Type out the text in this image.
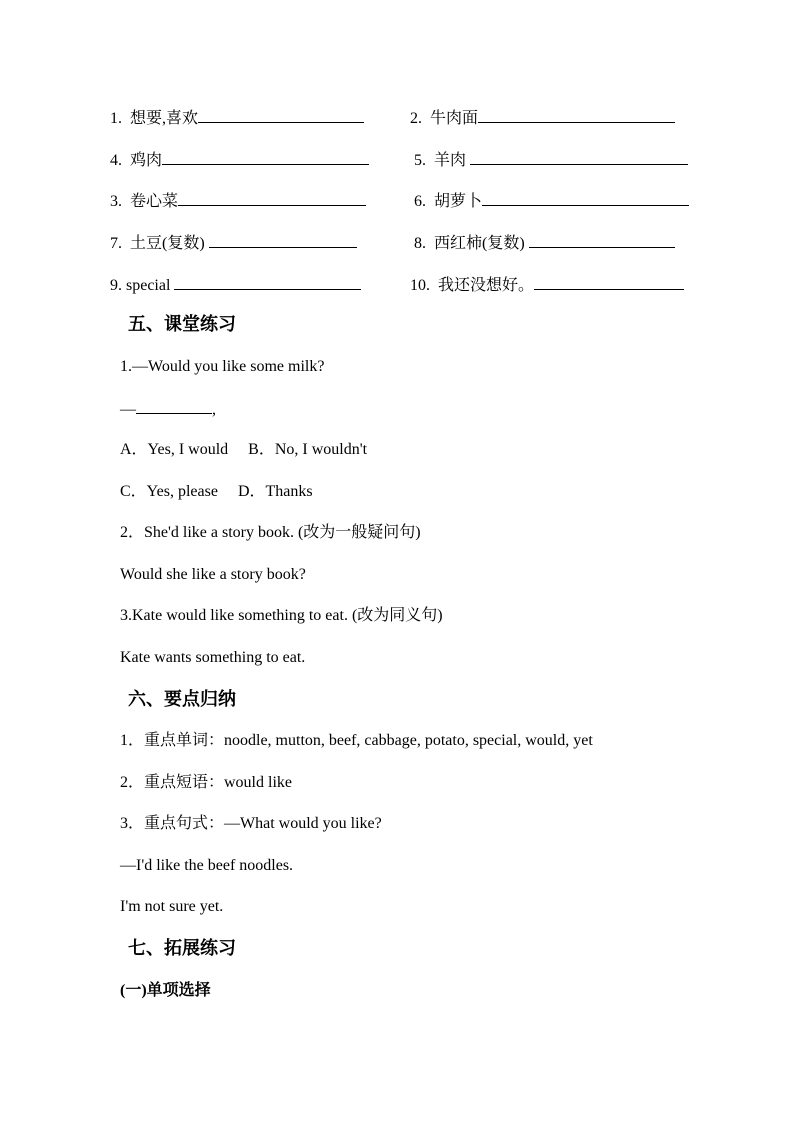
1. 想要,喜欢	2. 牛肉面
4. 鸡肉	5. 羊肉
3. 卷心菜	6. 胡萝卜
7. 土豆(复数)	8. 西红柿(复数)
9. special	10. 我还没想好。
五、课堂练习
1.—Would you like some milk?
—	,
A．Yes, I would B．No, I wouldn't
C．Yes, please D．Thanks
2．She'd like a story book. (改为一般疑问句)
Would she like a story book?
3.Kate would like something to eat. (改为同义句)
Kate wants something to eat.
六、要点归纳
1．重点单词：noodle, mutton, beef, cabbage, potato, special, would, yet
2．重点短语：would like
3．重点句式：—What would you like?
—I'd like the beef noodles.
I'm not sure yet.
七、拓展练习
(一)单项选择
